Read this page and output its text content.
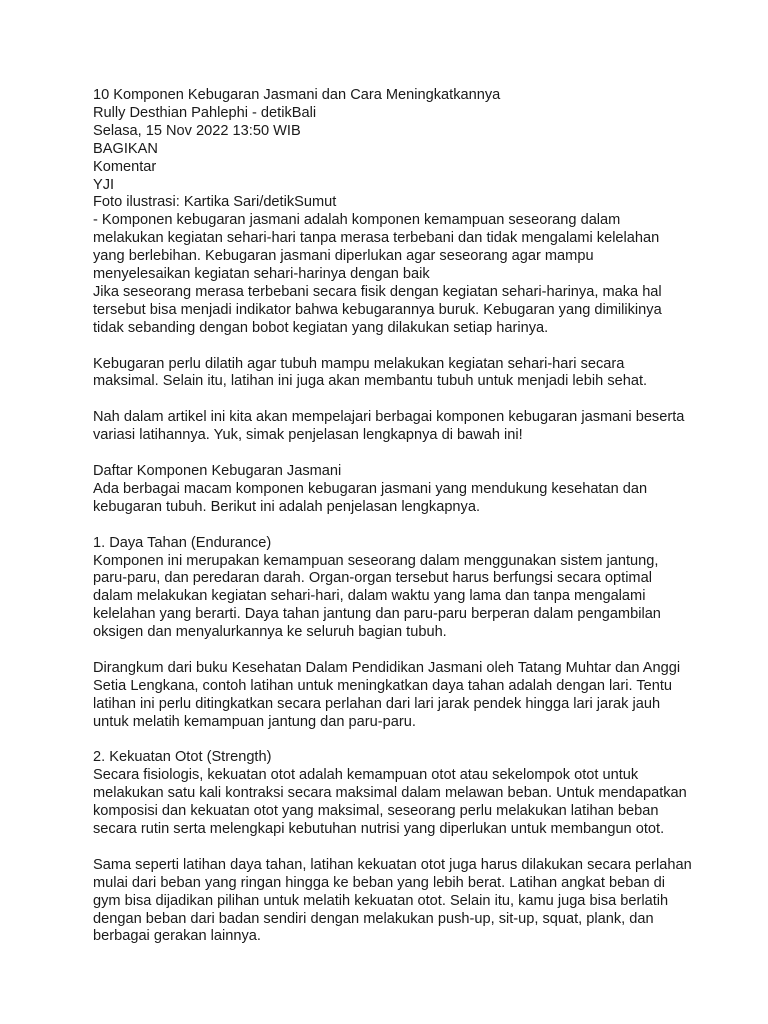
10 Komponen Kebugaran Jasmani dan Cara Meningkatkannya
Rully Desthian Pahlephi - detikBali
Selasa, 15 Nov 2022 13:50 WIB
BAGIKAN
Komentar
YJI
Foto ilustrasi: Kartika Sari/detikSumut
- Komponen kebugaran jasmani adalah komponen kemampuan seseorang dalam
melakukan kegiatan sehari-hari tanpa merasa terbebani dan tidak mengalami kelelahan
yang berlebihan. Kebugaran jasmani diperlukan agar seseorang agar mampu
menyelesaikan kegiatan sehari-harinya dengan baik
Jika seseorang merasa terbebani secara fisik dengan kegiatan sehari-harinya, maka hal
tersebut bisa menjadi indikator bahwa kebugarannya buruk. Kebugaran yang dimilikinya
tidak sebanding dengan bobot kegiatan yang dilakukan setiap harinya.
Kebugaran perlu dilatih agar tubuh mampu melakukan kegiatan sehari-hari secara
maksimal. Selain itu, latihan ini juga akan membantu tubuh untuk menjadi lebih sehat.
Nah dalam artikel ini kita akan mempelajari berbagai komponen kebugaran jasmani beserta
variasi latihannya. Yuk, simak penjelasan lengkapnya di bawah ini!
Daftar Komponen Kebugaran Jasmani
Ada berbagai macam komponen kebugaran jasmani yang mendukung kesehatan dan
kebugaran tubuh. Berikut ini adalah penjelasan lengkapnya.
1. Daya Tahan (Endurance)
Komponen ini merupakan kemampuan seseorang dalam menggunakan sistem jantung,
paru-paru, dan peredaran darah. Organ-organ tersebut harus berfungsi secara optimal
dalam melakukan kegiatan sehari-hari, dalam waktu yang lama dan tanpa mengalami
kelelahan yang berarti. Daya tahan jantung dan paru-paru berperan dalam pengambilan
oksigen dan menyalurkannya ke seluruh bagian tubuh.
Dirangkum dari buku Kesehatan Dalam Pendidikan Jasmani oleh Tatang Muhtar dan Anggi
Setia Lengkana, contoh latihan untuk meningkatkan daya tahan adalah dengan lari. Tentu
latihan ini perlu ditingkatkan secara perlahan dari lari jarak pendek hingga lari jarak jauh
untuk melatih kemampuan jantung dan paru-paru.
2. Kekuatan Otot (Strength)
Secara fisiologis, kekuatan otot adalah kemampuan otot atau sekelompok otot untuk
melakukan satu kali kontraksi secara maksimal dalam melawan beban. Untuk mendapatkan
komposisi dan kekuatan otot yang maksimal, seseorang perlu melakukan latihan beban
secara rutin serta melengkapi kebutuhan nutrisi yang diperlukan untuk membangun otot.
Sama seperti latihan daya tahan, latihan kekuatan otot juga harus dilakukan secara perlahan
mulai dari beban yang ringan hingga ke beban yang lebih berat. Latihan angkat beban di
gym bisa dijadikan pilihan untuk melatih kekuatan otot. Selain itu, kamu juga bisa berlatih
dengan beban dari badan sendiri dengan melakukan push-up, sit-up, squat, plank, dan
berbagai gerakan lainnya.
